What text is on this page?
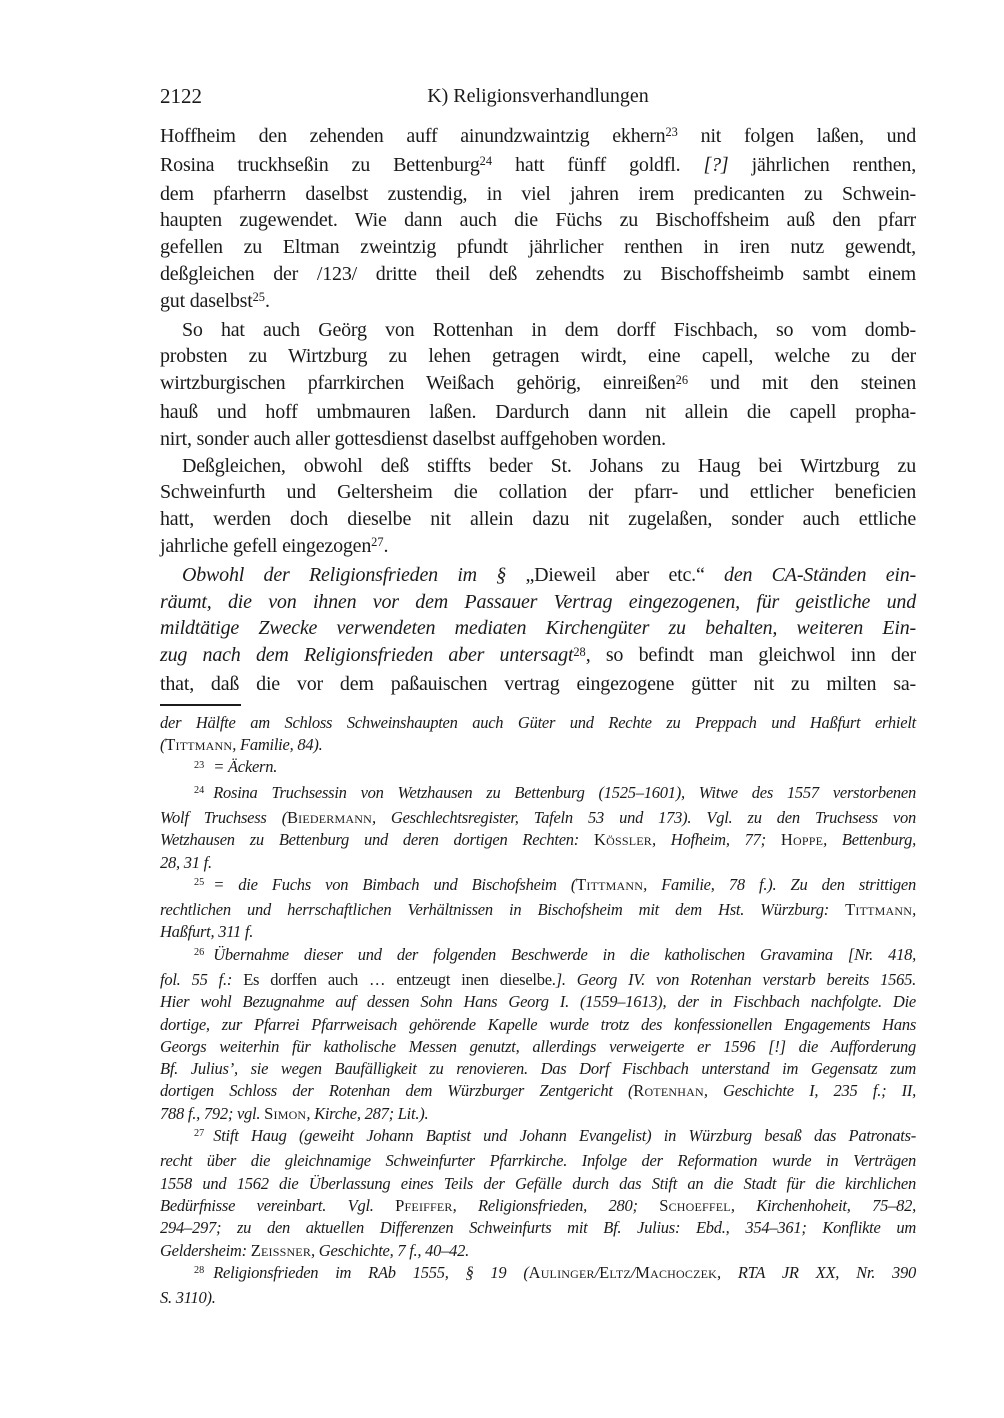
2122	K) Religionsverhandlungen
Hoffheim den zehenden auff ainundzwaintzig ekhern$^{23}$ nit folgen laßen, und
Rosina truckhseßin zu Bettenburg$^{24}$ hatt fünff goldfl. [?] jährlichen renthen,
dem pfarherrn daselbst zustendig, in viel jahren irem predicanten zu Schwein-
haupten zugewendet. Wie dann auch die Füchs zu Bischoffsheim auß den pfarr
gefellen zu Eltman zweintzig pfundt jährlicher renthen in iren nutz gewendt,
deßgleichen der /123/ dritte theil deß zehendts zu Bischoffsheimb sambt einem
gut daselbst$^{25}$.
So hat auch Geörg von Rottenhan in dem dorff Fischbach, so vom domb-
probsten zu Wirtzburg zu lehen getragen wirdt, eine capell, welche zu der
wirtzburgischen pfarrkirchen Weißach gehörig, einreißen$^{26}$ und mit den steinen
hauß und hoff umbmauren laßen. Dardurch dann nit allein die capell propha-
nirt, sonder auch aller gottesdienst daselbst auffgehoben worden.
Deßgleichen, obwohl deß stiffts beder St. Johans zu Haug bei Wirtzburg zu
Schweinfurth und Geltersheim die collation der pfarr- und ettlicher beneficien
hatt, werden doch dieselbe nit allein dazu nit zugelaßen, sonder auch ettliche
jahrliche gefell eingezogen$^{27}$.
Obwohl der Religionsfrieden im § „Dieweil aber etc.“ den CA-Ständen ein-
räumt, die von ihnen vor dem Passauer Vertrag eingezogenen, für geistliche und
mildtätige Zwecke verwendeten mediaten Kirchengüter zu behalten, weiteren Ein-
zug nach dem Religionsfrieden aber untersagt$^{28}$, so befindt man gleichwol inn der
that, daß die vor dem paßauischen vertrag eingezogene gütter nit zu milten sa-
der Hälfte am Schloss Schweinshaupten auch Güter und Rechte zu Preppach und Haßfurt erhielt
(Tittmann, Familie, 84).
$^{23}$ = Äckern.
$^{24}$ Rosina Truchsessin von Wetzhausen zu Bettenburg (1525–1601), Witwe des 1557 verstorbenen
Wolf Truchsess (Biedermann, Geschlechtsregister, Tafeln 53 und 173). Vgl. zu den Truchsess von
Wetzhausen zu Bettenburg und deren dortigen Rechten: Kössler, Hofheim, 77; Hoppe, Bettenburg,
28, 31 f.
$^{25}$ = die Fuchs von Bimbach und Bischofsheim (Tittmann, Familie, 78 f.). Zu den strittigen
rechtlichen und herrschaftlichen Verhältnissen in Bischofsheim mit dem Hst. Würzburg: Tittmann,
Haßfurt, 311 f.
$^{26}$ Übernahme dieser und der folgenden Beschwerde in die katholischen Gravamina [Nr. 418,
fol. 55 f.: Es dorffen auch … entzeugt inen dieselbe.]. Georg IV. von Rotenhan verstarb bereits 1565.
Hier wohl Bezugnahme auf dessen Sohn Hans Georg I. (1559–1613), der in Fischbach nachfolgte. Die
dortige, zur Pfarrei Pfarrweisach gehörende Kapelle wurde trotz des konfessionellen Engagements Hans
Georgs weiterhin für katholische Messen genutzt, allerdings verweigerte er 1596 [!] die Aufforderung
Bf. Julius’, sie wegen Baufälligkeit zu renovieren. Das Dorf Fischbach unterstand im Gegensatz zum
dortigen Schloss der Rotenhan dem Würzburger Zentgericht (Rotenhan, Geschichte I, 235 f.; II,
788 f., 792; vgl. Simon, Kirche, 287; Lit.).
$^{27}$ Stift Haug (geweiht Johann Baptist und Johann Evangelist) in Würzburg besaß das Patronats-
recht über die gleichnamige Schweinfurter Pfarrkirche. Infolge der Reformation wurde in Verträgen
1558 und 1562 die Überlassung eines Teils der Gefälle durch das Stift an die Stadt für die kirchlichen
Bedürfnisse vereinbart. Vgl. Pfeiffer, Religionsfrieden, 280; Schoeffel, Kirchenhoheit, 75–82,
294–297; zu den aktuellen Differenzen Schweinfurts mit Bf. Julius: Ebd., 354–361; Konflikte um
Geldersheim: Zeissner, Geschichte, 7 f., 40–42.
$^{28}$ Religionsfrieden im RAb 1555, § 19 (Aulinger/Eltz/Machoczek, RTA JR XX, Nr. 390
S. 3110).
